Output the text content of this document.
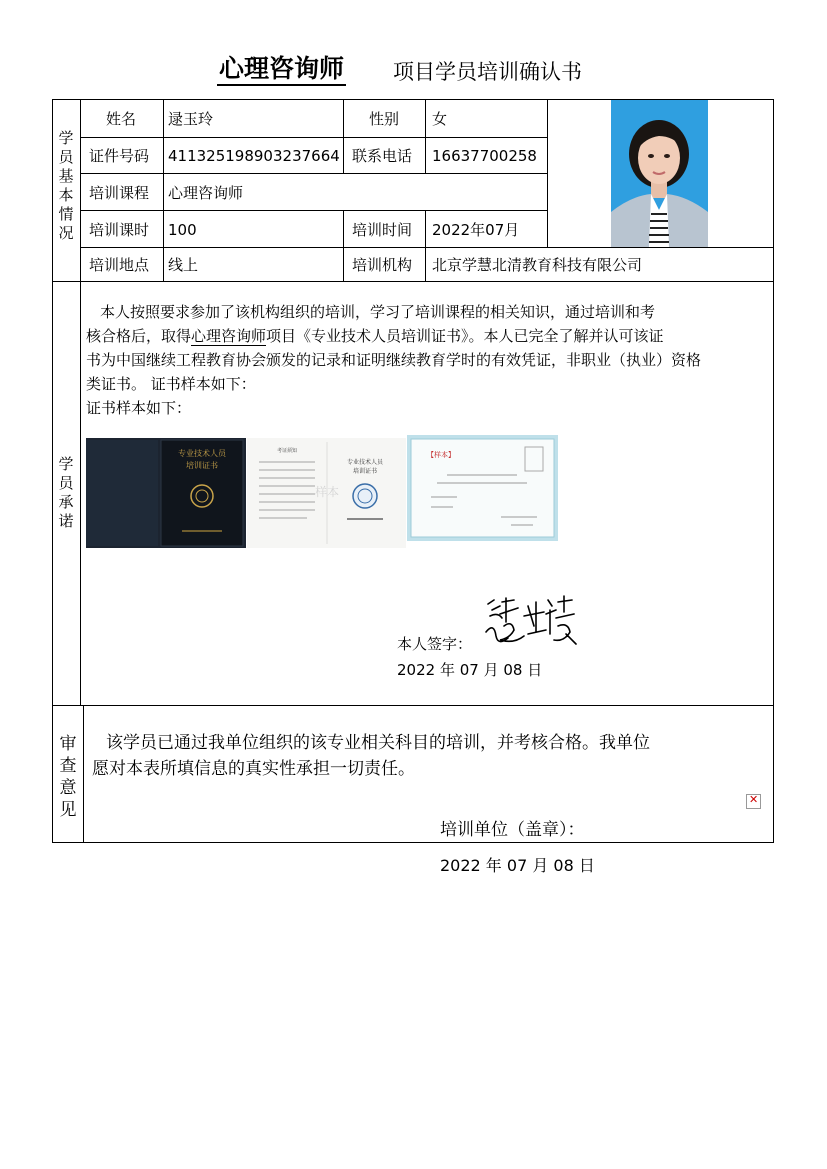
心理咨询师 项目学员培训确认书
学
员
基
本
情
况
学
员
承
诺
审
查
意
见
姓名 逯玉玲	性别 女
证件号码 411325198903237664 联系电话 16637700258
培训课程 心理咨询师
培训课时 100	培训时间 2022年07月
培训地点 线上	培训机构 北京学慧北清教育科技有限公司
本人按照要求参加了该机构组织的培训，学习了培训课程的相关知识，通过培训和考
核合格后，取得心理咨询师项目《专业技术人员培训证书》。本人已完全了解并认可该证
书为中国继续工程教育协会颁发的记录和证明继续教育学时的有效凭证，非职业（执业）资格
类证书。 证书样本如下：
证书样本如下：
专业技术人员
培训证书
考证须知
专业技术人员
培训证书
样本
【样本】
本人签字：
2022 年 07 月 08 日
该学员已通过我单位组织的该专业相关科目的培训，并考核合格。我单位
愿对本表所填信息的真实性承担一切责任。
✕
培训单位（盖章）：
2022 年 07 月 08 日
